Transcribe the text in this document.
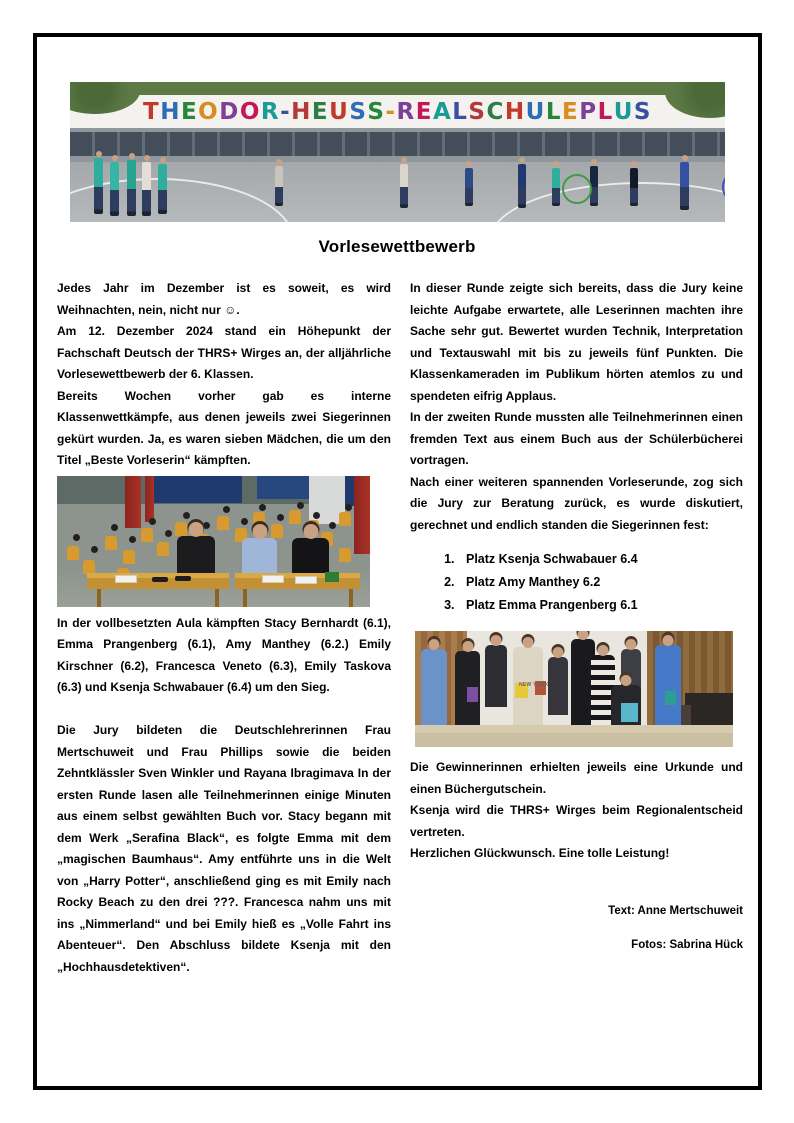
T H E O D O R - H E U S S - R E A L S C H U L E P L U S
Vorlesewettbewerb

Jedes Jahr im Dezember ist es soweit, es wird Weihnachten, nein, nicht nur ☺.

Am 12. Dezember 2024 stand ein Höhepunkt der Fachschaft Deutsch der THRS+ Wirges an, der alljährliche Vorlesewettbewerb der 6. Klassen.

Bereits Wochen vorher gab es interne Klassenwettkämpfe, aus denen jeweils zwei Siegerinnen gekürt wurden. Ja, es waren sieben Mädchen, die um den Titel „Beste Vorleserin“ kämpften.

In der vollbesetzten Aula kämpften Stacy Bernhardt (6.1), Emma Prangenberg (6.1), Amy Manthey (6.2.) Emily Kirschner (6.2), Francesca Veneto (6.3), Emily Taskova (6.3) und Ksenja Schwabauer (6.4) um den Sieg.

Die Jury bildeten die Deutschlehrerinnen Frau Mertschuweit und Frau Phillips sowie die beiden Zehntklässler Sven Winkler und Rayana Ibragimava In der ersten Runde lasen alle Teilnehmerinnen einige Minuten aus einem selbst gewählten Buch vor. Stacy begann mit dem Werk „Serafina Black“, es folgte Emma mit dem „magischen Baumhaus“. Amy entführte uns in die Welt von „Harry Potter“, anschließend ging es mit Emily nach Rocky Beach zu den drei ???. Francesca nahm uns mit ins „Nimmerland“ und bei Emily hieß es „Volle Fahrt ins Abenteuer“. Den Abschluss bildete Ksenja mit den „Hochhausdetektiven“.

In dieser Runde zeigte sich bereits, dass die Jury keine leichte Aufgabe erwartete, alle Leserinnen machten ihre Sache sehr gut. Bewertet wurden Technik, Interpretation und Textauswahl mit bis zu jeweils fünf Punkten. Die Klassenkameraden im Publikum hörten atemlos zu und spendeten eifrig Applaus.

In der zweiten Runde mussten alle Teilnehmerinnen einen fremden Text aus einem Buch aus der Schülerbücherei vortragen.

Nach einer weiteren spannenden Vorleserunde, zog sich die Jury zur Beratung zurück, es wurde diskutiert, gerechnet und endlich standen die Siegerinnen fest:

1. Platz Ksenja Schwabauer 6.4
2. Platz Amy Manthey 6.2
3. Platz Emma Prangenberg 6.1
NEW YORK

Die Gewinnerinnen erhielten jeweils eine Urkunde und einen Büchergutschein.

Ksenja wird die THRS+ Wirges beim Regionalentscheid vertreten.

Herzlichen Glückwunsch. Eine tolle Leistung!

Text: Anne Mertschuweit
Fotos: Sabrina Hück
